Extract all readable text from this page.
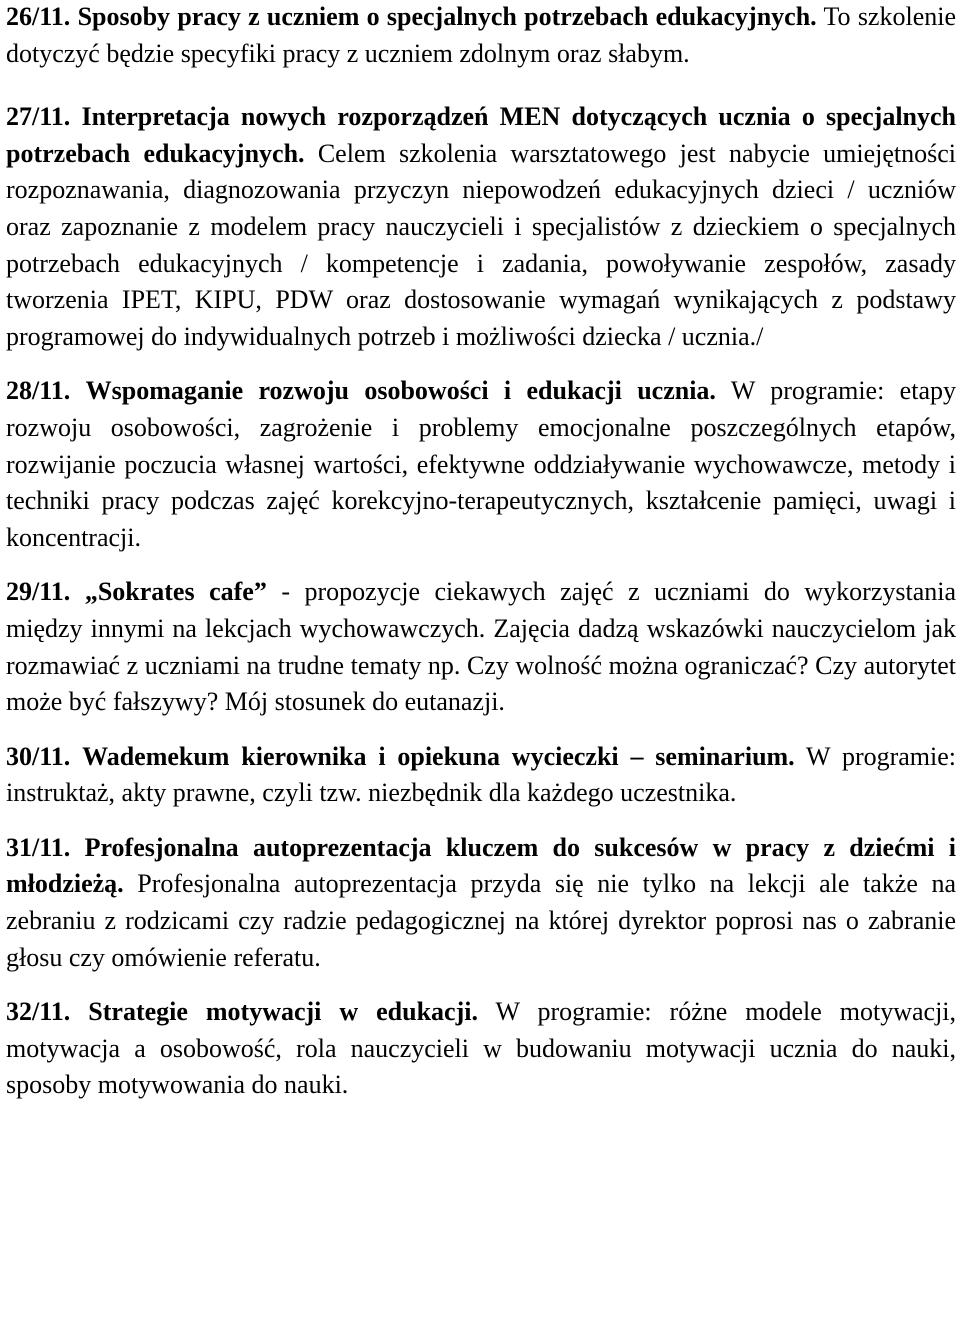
26/11. Sposoby pracy z uczniem o specjalnych potrzebach edukacyjnych. To szkolenie dotyczyć będzie specyfiki pracy z uczniem zdolnym oraz słabym.

27/11. Interpretacja nowych rozporządzeń MEN dotyczących ucznia o specjalnych potrzebach edukacyjnych. Celem szkolenia warsztatowego jest nabycie umiejętności rozpoznawania, diagnozowania przyczyn niepowodzeń edukacyjnych dzieci / uczniów oraz zapoznanie z modelem pracy nauczycieli i specjalistów z dzieckiem o specjalnych potrzebach edukacyjnych / kompetencje i zadania, powoływanie zespołów, zasady tworzenia IPET, KIPU, PDW oraz dostosowanie wymagań wynikających z podstawy programowej do indywidualnych potrzeb i możliwości dziecka / ucznia./

28/11. Wspomaganie rozwoju osobowości i edukacji ucznia. W programie: etapy rozwoju osobowości, zagrożenie i problemy emocjonalne poszczególnych etapów, rozwijanie poczucia własnej wartości, efektywne oddziaływanie wychowawcze, metody i techniki pracy podczas zajęć korekcyjno-terapeutycznych, kształcenie pamięci, uwagi i koncentracji.

29/11. „Sokrates cafe” - propozycje ciekawych zajęć z uczniami do wykorzystania między innymi na lekcjach wychowawczych. Zajęcia dadzą wskazówki nauczycielom jak rozmawiać z uczniami na trudne tematy np. Czy wolność można ograniczać? Czy autorytet może być fałszywy? Mój stosunek do eutanazji.

30/11. Wademekum kierownika i opiekuna wycieczki – seminarium. W programie: instruktaż, akty prawne, czyli tzw. niezbędnik dla każdego uczestnika.

31/11. Profesjonalna autoprezentacja kluczem do sukcesów w pracy z dziećmi i młodzieżą. Profesjonalna autoprezentacja przyda się nie tylko na lekcji ale także na zebraniu z rodzicami czy radzie pedagogicznej na której dyrektor poprosi nas o zabranie głosu czy omówienie referatu.

32/11. Strategie motywacji w edukacji. W programie: różne modele motywacji, motywacja a osobowość, rola nauczycieli w budowaniu motywacji ucznia do nauki, sposoby motywowania do nauki.
